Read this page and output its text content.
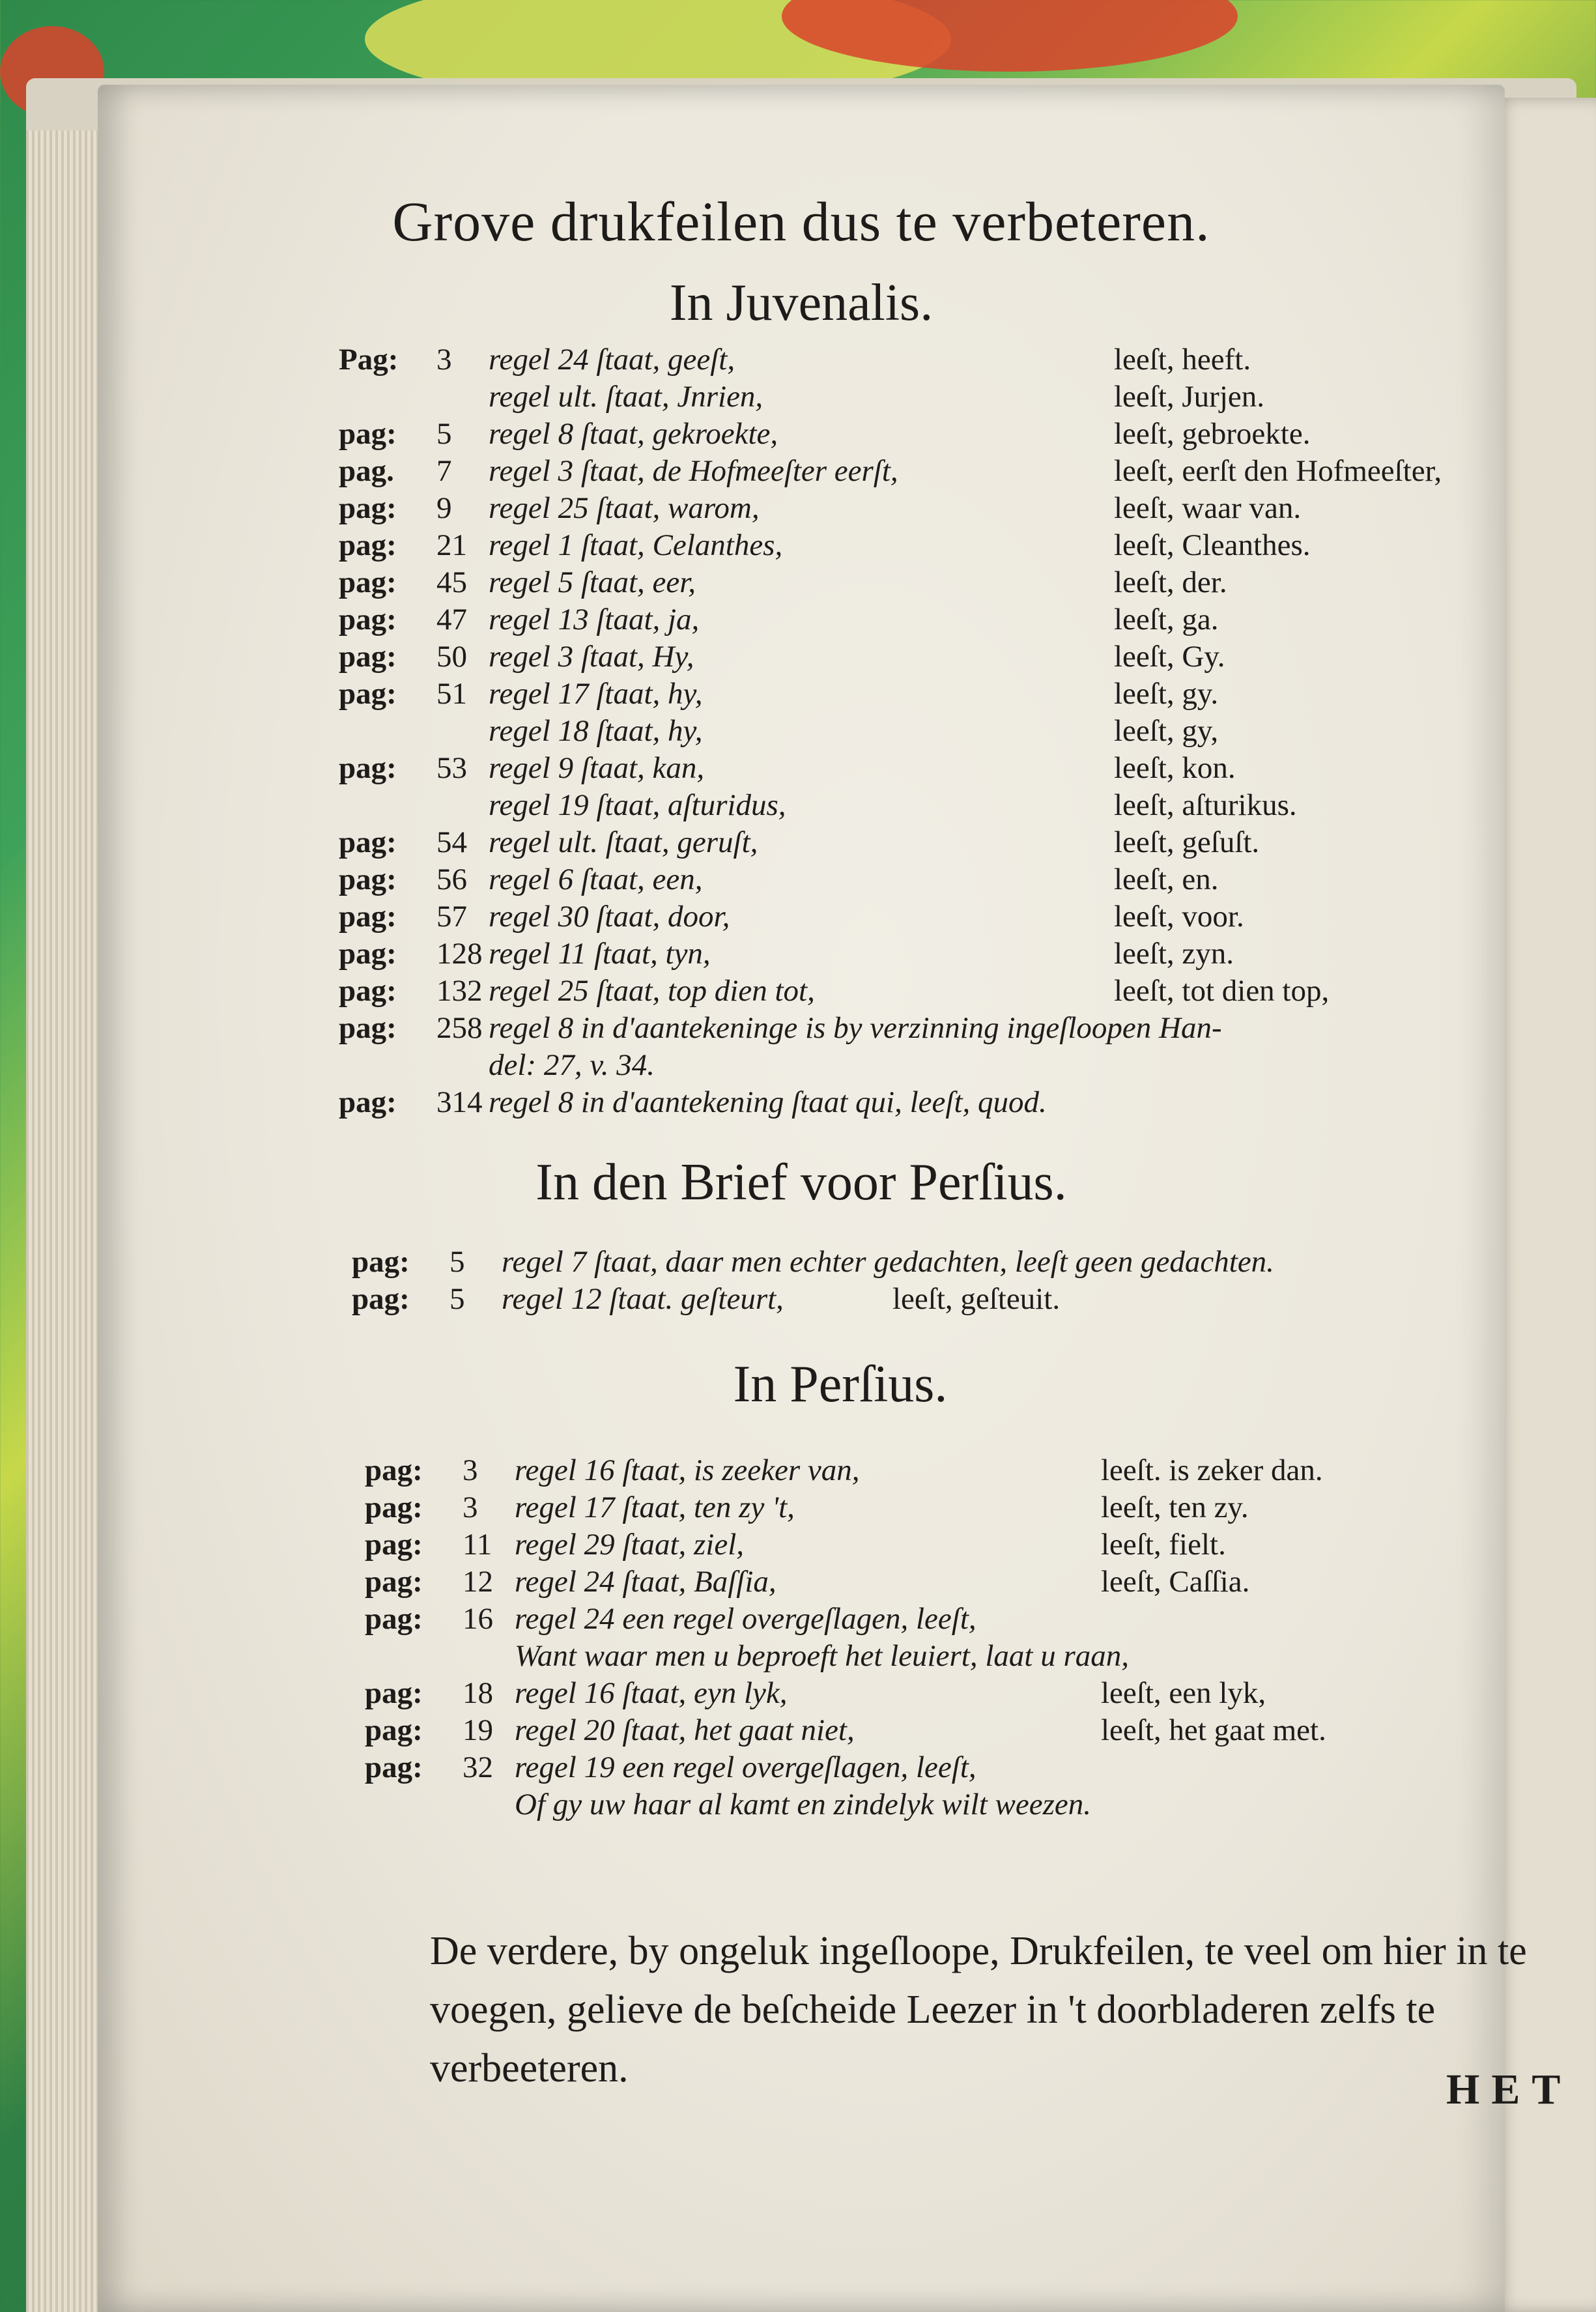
Grove drukfeilen dus te verbeteren.
In Juvenalis.
Pag: 3 regel 24 ſtaat, geeſt,	leeſt, heeft.
regel ult. ſtaat, Jnrien,	leeſt, Jurjen.
pag: 5 regel 8 ſtaat, gekroekte,	leeſt, gebroekte.
pag. 7 regel 3 ſtaat, de Hofmeeſter eerſt,	leeſt, eerſt den Hofmeeſter,
pag: 9 regel 25 ſtaat, warom,	leeſt, waar van.
pag: 21 regel 1 ſtaat, Celanthes,	leeſt, Cleanthes.
pag: 45 regel 5 ſtaat, eer,	leeſt, der.
pag: 47 regel 13 ſtaat, ja,	leeſt, ga.
pag: 50 regel 3 ſtaat, Hy,	leeſt, Gy.
pag: 51 regel 17 ſtaat, hy,	leeſt, gy.
regel 18 ſtaat, hy,	leeſt, gy,
pag: 53 regel 9 ſtaat, kan,	leeſt, kon.
regel 19 ſtaat, aſturidus,	leeſt, aſturikus.
pag: 54 regel ult. ſtaat, geruſt,	leeſt, geſuſt.
pag: 56 regel 6 ſtaat, een,	leeſt, en.
pag: 57 regel 30 ſtaat, door,	leeſt, voor.
pag: 128 regel 11 ſtaat, tyn,	leeſt, zyn.
pag: 132 regel 25 ſtaat, top dien tot,	leeſt, tot dien top,
pag: 258 regel 8 in d'aantekeninge is by verzinning ingeſloopen Han-
del: 27, v. 34.
pag: 314 regel 8 in d'aantekening ſtaat qui, leeſt, quod.
In den Brief voor Perſius.
pag: 5 regel 7 ſtaat, daar men echter gedachten, leeſt geen gedachten.
pag: 5 regel 12 ſtaat. geſteurt,	leeſt, geſteuit.
In Perſius.
pag: 3 regel 16 ſtaat, is zeeker van,	leeſt. is zeker dan.
pag: 3 regel 17 ſtaat, ten zy 't,	leeſt, ten zy.
pag: 11 regel 29 ſtaat, ziel,	leeſt, fielt.
pag: 12 regel 24 ſtaat, Baſſia,	leeſt, Caſſia.
pag: 16 regel 24 een regel overgeſlagen, leeſt,
Want waar men u beproeft het leuiert, laat u raan,
pag: 18 regel 16 ſtaat, eyn lyk,	leeſt, een lyk,
pag: 19 regel 20 ſtaat, het gaat niet,	leeſt, het gaat met.
pag: 32 regel 19 een regel overgeſlagen, leeſt,
Of gy uw haar al kamt en zindelyk wilt weezen.
De verdere, by ongeluk ingeſloope, Drukfeilen, te veel om hier in te voegen, gelieve de beſcheide Leezer in 't doorbladeren zelfs te verbeeteren.	HET
